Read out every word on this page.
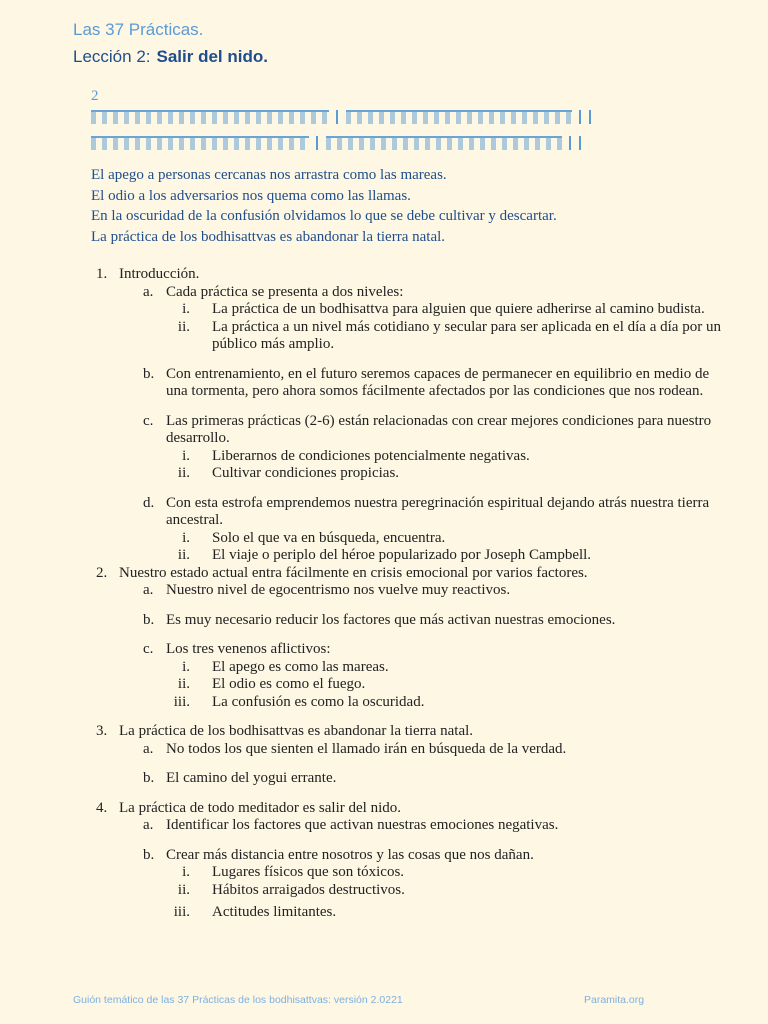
Las 37 Prácticas.
Lección 2: Salir del nido.
2
El apego a personas cercanas nos arrastra como las mareas.
El odio a los adversarios nos quema como las llamas.
En la oscuridad de la confusión olvidamos lo que se debe cultivar y descartar.
La práctica de los bodhisattvas es abandonar la tierra natal.
1. Introducción.
a. Cada práctica se presenta a dos niveles:
i. La práctica de un bodhisattva para alguien que quiere adherirse al camino budista.
ii. La práctica a un nivel más cotidiano y secular para ser aplicada en el día a día por un público más amplio.
b. Con entrenamiento, en el futuro seremos capaces de permanecer en equilibrio en medio de una tormenta, pero ahora somos fácilmente afectados por las condiciones que nos rodean.
c. Las primeras prácticas (2-6) están relacionadas con crear mejores condiciones para nuestro desarrollo.
i. Liberarnos de condiciones potencialmente negativas.
ii. Cultivar condiciones propicias.
d. Con esta estrofa emprendemos nuestra peregrinación espiritual dejando atrás nuestra tierra ancestral.
i. Solo el que va en búsqueda, encuentra.
ii. El viaje o periplo del héroe popularizado por Joseph Campbell.
2. Nuestro estado actual entra fácilmente en crisis emocional por varios factores.
a. Nuestro nivel de egocentrismo nos vuelve muy reactivos.
b. Es muy necesario reducir los factores que más activan nuestras emociones.
c. Los tres venenos aflictivos:
i. El apego es como las mareas.
ii. El odio es como el fuego.
iii. La confusión es como la oscuridad.
3. La práctica de los bodhisattvas es abandonar la tierra natal.
a. No todos los que sienten el llamado irán en búsqueda de la verdad.
b. El camino del yogui errante.
4. La práctica de todo meditador es salir del nido.
a. Identificar los factores que activan nuestras emociones negativas.
b. Crear más distancia entre nosotros y las cosas que nos dañan.
i. Lugares físicos que son tóxicos.
ii. Hábitos arraigados destructivos.
iii. Actitudes limitantes.
Guión temático de las 37 Prácticas de los bodhisattvas: versión 2.0221	Paramita.org
